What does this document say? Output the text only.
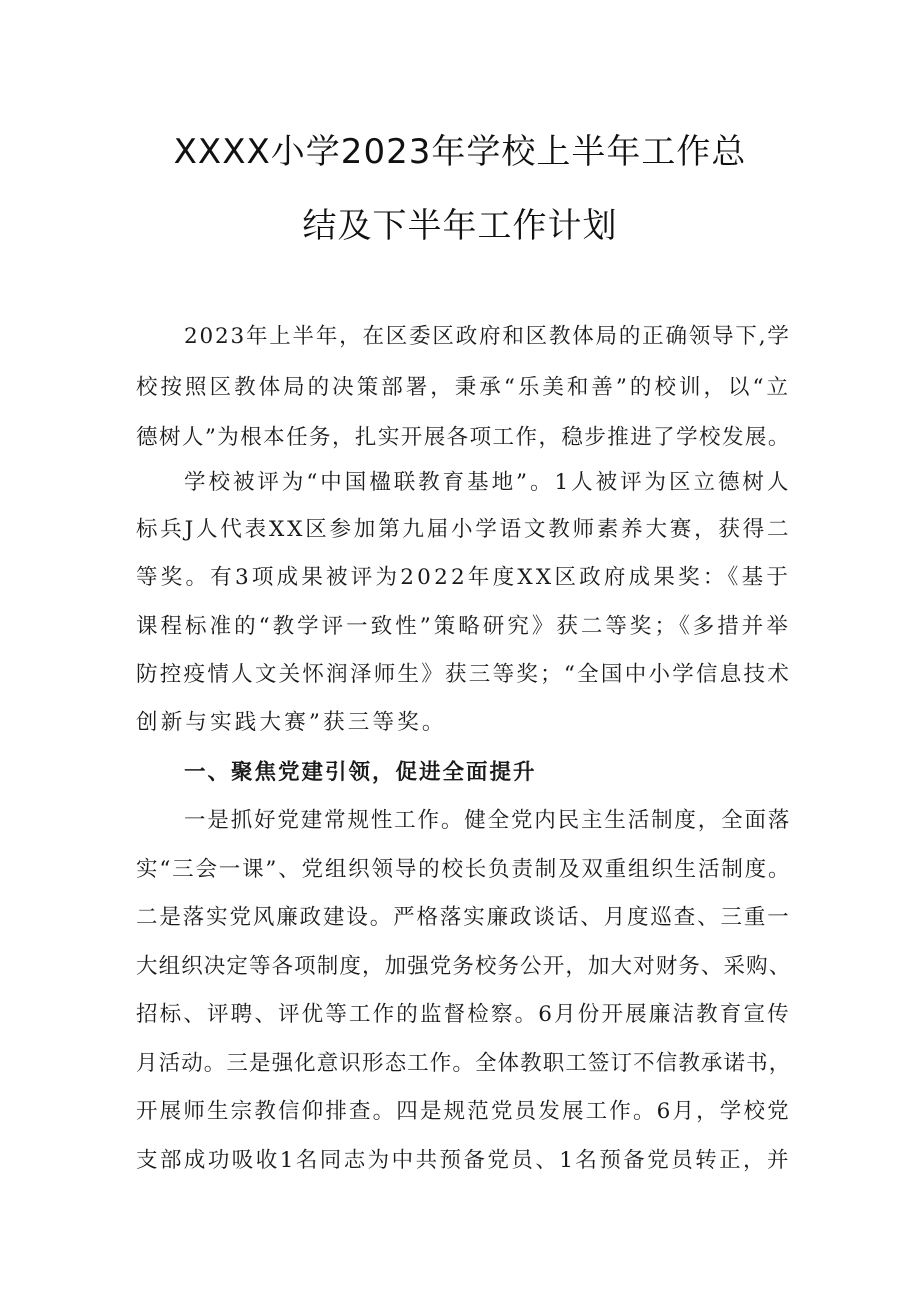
XXXX小学2023年学校上半年工作总
结及下半年工作计划
2023年上半年，在区委区政府和区教体局的正确领导下,学
校按照区教体局的决策部署，秉承“乐美和善”的校训，以“立
德树人”为根本任务，扎实开展各项工作，稳步推进了学校发展。
学校被评为“中国楹联教育基地”。1人被评为区立德树人
标兵J人代表XX区参加第九届小学语文教师素养大赛，获得二
等奖。有3项成果被评为2022年度XX区政府成果奖：《基于
课程标准的“教学评一致性”策略研究》获二等奖；《多措并举
防控疫情人文关怀润泽师生》获三等奖；“全国中小学信息技术
创新与实践大赛”获三等奖。
一、聚焦党建引领，促进全面提升
一是抓好党建常规性工作。健全党内民主生活制度，全面落
实“三会一课”、党组织领导的校长负责制及双重组织生活制度。
二是落实党风廉政建设。严格落实廉政谈话、月度巡查、三重一
大组织决定等各项制度，加强党务校务公开，加大对财务、采购、
招标、评聘、评优等工作的监督检察。6月份开展廉洁教育宣传
月活动。三是强化意识形态工作。全体教职工签订不信教承诺书，
开展师生宗教信仰排查。四是规范党员发展工作。6月，学校党
支部成功吸收1名同志为中共预备党员、1名预备党员转正，并
